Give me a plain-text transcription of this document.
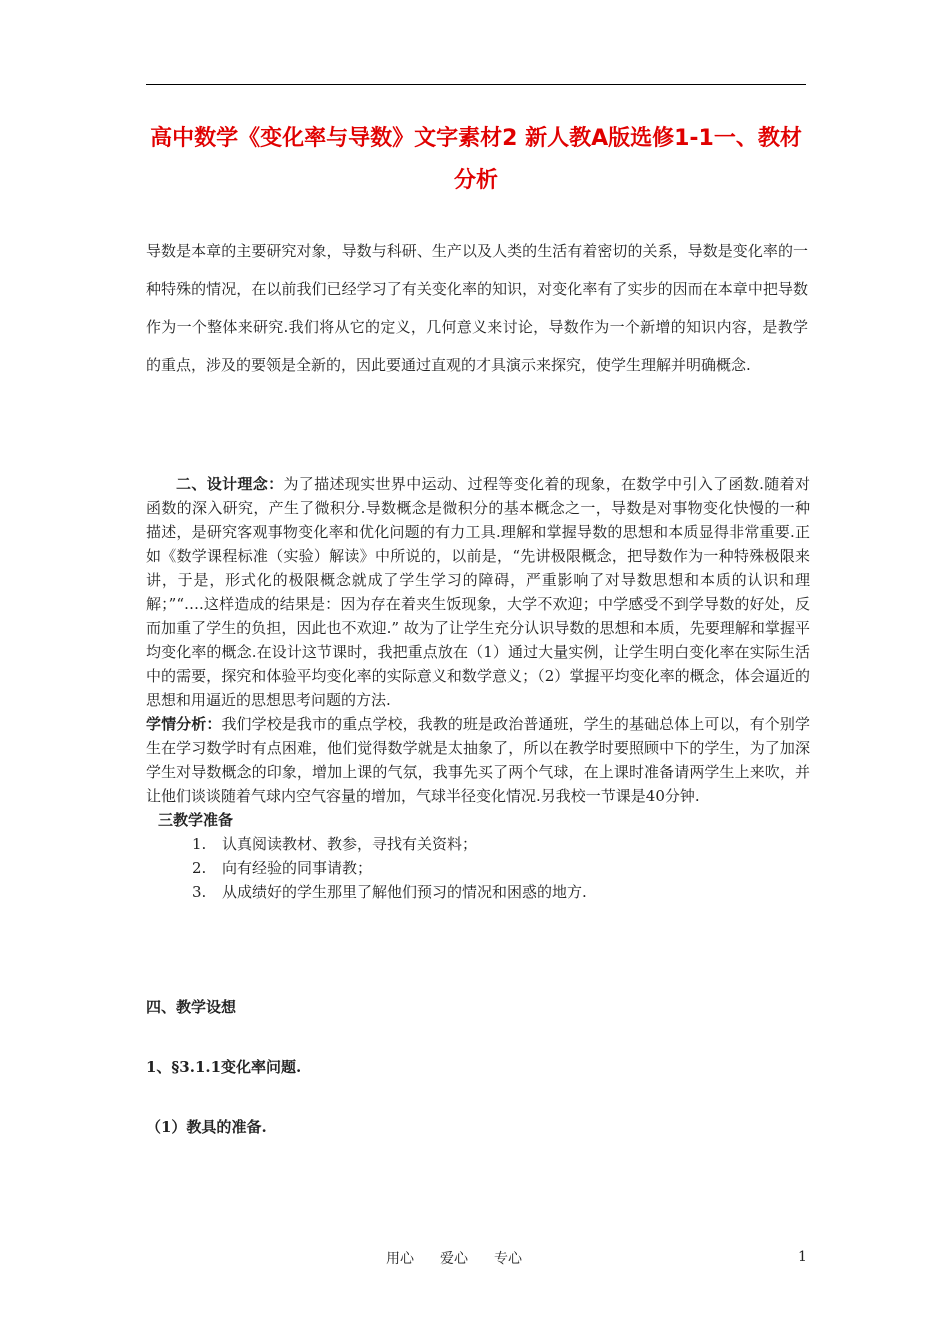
高中数学《变化率与导数》文字素材2 新人教A版选修1-1一、教材分析
导数是本章的主要研究对象，导数与科研、生产以及人类的生活有着密切的关系，导数是变化率的一种特殊的情况，在以前我们已经学习了有关变化率的知识，对变化率有了实步的因而在本章中把导数作为一个整体来研究.我们将从它的定义，几何意义来讨论，导数作为一个新增的知识内容，是教学的重点，涉及的要领是全新的，因此要通过直观的才具演示来探究，使学生理解并明确概念.

二、设计理念：为了描述现实世界中运动、过程等变化着的现象，在数学中引入了函数.随着对函数的深入研究，产生了微积分.导数概念是微积分的基本概念之一，导数是对事物变化快慢的一种描述，是研究客观事物变化率和优化问题的有力工具.理解和掌握导数的思想和本质显得非常重要.正如《数学课程标准（实验）解读》中所说的，以前是，“先讲极限概念，把导数作为一种特殊极限来讲，于是，形式化的极限概念就成了学生学习的障碍，严重影响了对导数思想和本质的认识和理解；”“….这样造成的结果是：因为存在着夹生饭现象，大学不欢迎；中学感受不到学导数的好处，反而加重了学生的负担，因此也不欢迎.” 故为了让学生充分认识导数的思想和本质，先要理解和掌握平均变化率的概念.在设计这节课时，我把重点放在（1）通过大量实例，让学生明白变化率在实际生活中的需要，探究和体验平均变化率的实际意义和数学意义；（2）掌握平均变化率的概念，体会逼近的思想和用逼近的思想思考问题的方法.

学情分析：我们学校是我市的重点学校，我教的班是政治普通班，学生的基础总体上可以，有个别学生在学习数学时有点困难，他们觉得数学就是太抽象了，所以在教学时要照顾中下的学生，为了加深学生对导数概念的印象，增加上课的气氛，我事先买了两个气球，在上课时准备请两学生上来吹，并让他们谈谈随着气球内空气容量的增加，气球半径变化情况.另我校一节课是40分钟.

三教学准备

1.	认真阅读教材、教参，寻找有关资料；
2.	向有经验的同事请教；
3.	从成绩好的学生那里了解他们预习的情况和困惑的地方.
四、教学设想
1、§3.1.1变化率问题.
（1）教具的准备.
用心 爱心 专心	1
